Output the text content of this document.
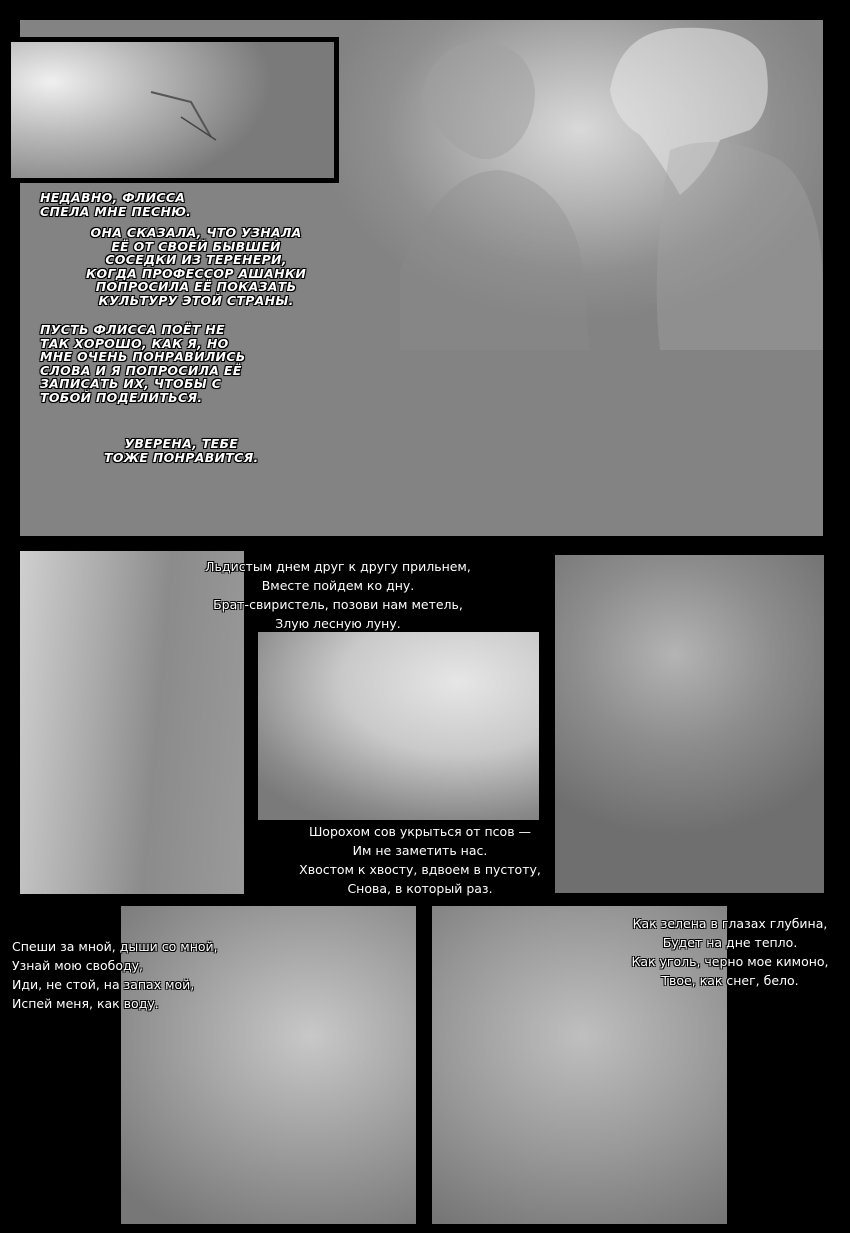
НЕДАВНО, ФЛИССА
СПЕЛА МНЕ ПЕСНЮ.
ОНА СКАЗАЛА, ЧТО УЗНАЛА
ЕЁ ОТ СВОЕЙ БЫВШЕЙ
СОСЕДКИ ИЗ ТЕРЕНЕРИ,
КОГДА ПРОФЕССОР АШАНКИ
ПОПРОСИЛА ЕЁ ПОКАЗАТЬ
КУЛЬТУРУ ЭТОЙ СТРАНЫ.
ПУСТЬ ФЛИССА ПОЁТ НЕ
ТАК ХОРОШО, КАК Я, НО
МНЕ ОЧЕНЬ ПОНРАВИЛИСЬ
СЛОВА И Я ПОПРОСИЛА ЕЁ
ЗАПИСАТЬ ИХ, ЧТОБЫ С
ТОБОЙ ПОДЕЛИТЬСЯ.
УВЕРЕНА, ТЕБЕ
ТОЖЕ ПОНРАВИТСЯ.
Льдистым днем друг к другу прильнем,
Вместе пойдем ко дну.
Брат-свиристель, позови нам метель,
Злую лесную луну.
Шорохом сов укрыться от псов —
Им не заметить нас.
Хвостом к хвосту, вдвоем в пустоту,
Снова, в который раз.
Спеши за мной, дыши со мной,
Узнай мою свободу,
Иди, не стой, на запах мой,
Испей меня, как воду.
Как зелена в глазах глубина,
Будет на дне тепло.
Как уголь, черно мое кимоно,
Твое, как снег, бело.
